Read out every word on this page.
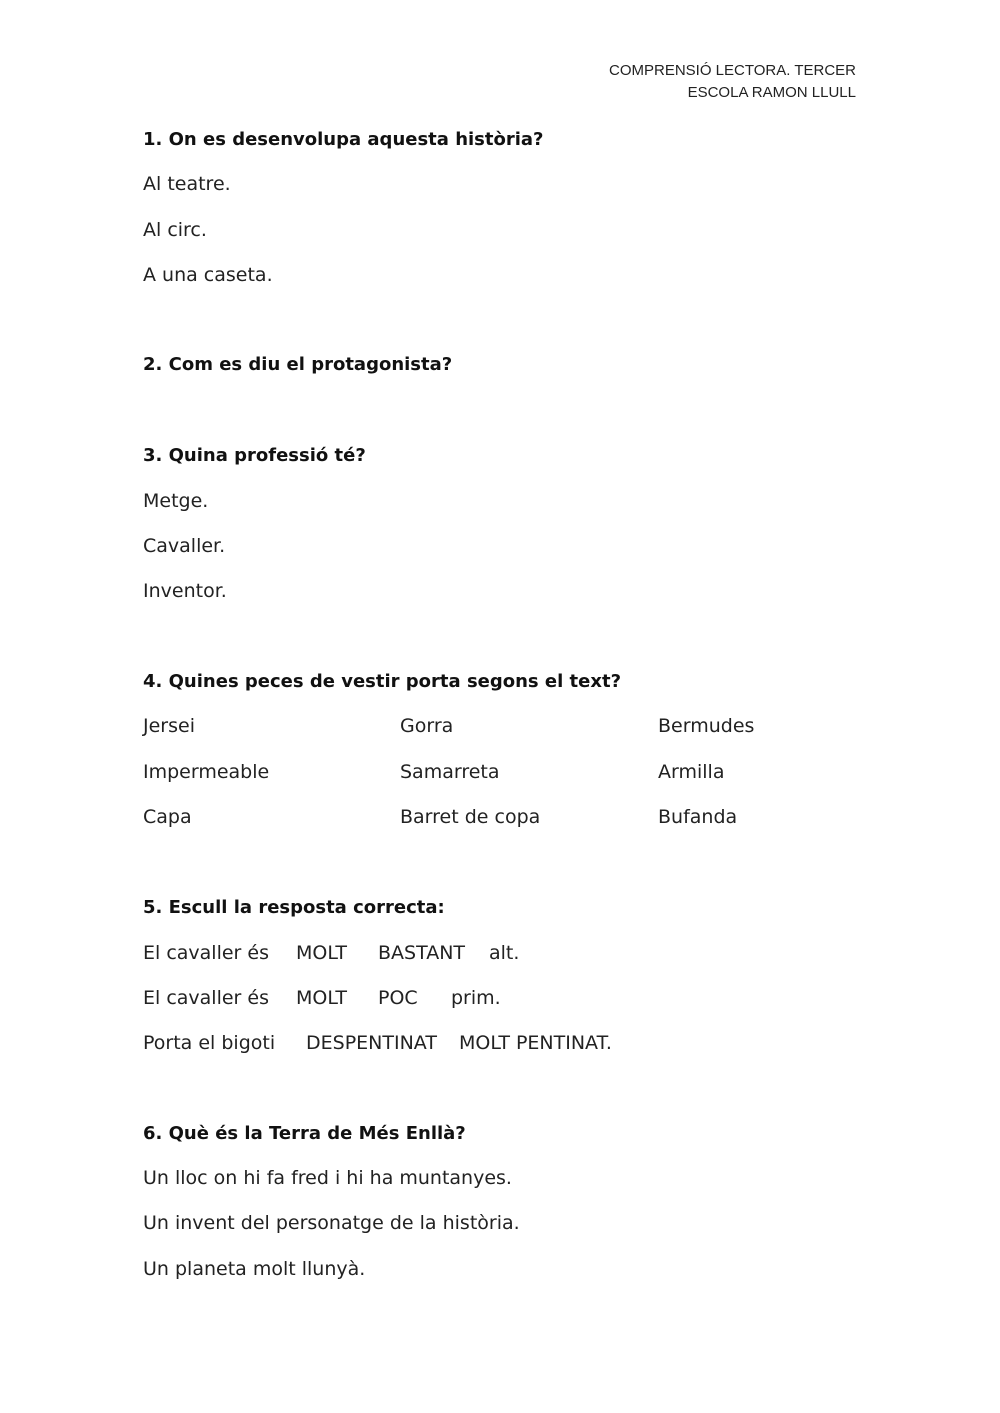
COMPRENSIÓ LECTORA. TERCER
ESCOLA RAMON LLULL
1. On es desenvolupa aquesta història?
Al teatre.
Al circ.
A una caseta.
2. Com es diu el protagonista?
3. Quina professió té?
Metge.
Cavaller.
Inventor.
4. Quines peces de vestir porta segons el text?
Jersei	Gorra	Bermudes
Impermeable	Samarreta	Armilla
Capa	Barret de copa	Bufanda
5. Escull la resposta correcta:
El cavaller és MOLT BASTANT alt.
El cavaller és MOLT POC prim.
Porta el bigoti DESPENTINAT MOLT PENTINAT.
6. Què és la Terra de Més Enllà?
Un lloc on hi fa fred i hi ha muntanyes.
Un invent del personatge de la història.
Un planeta molt llunyà.
